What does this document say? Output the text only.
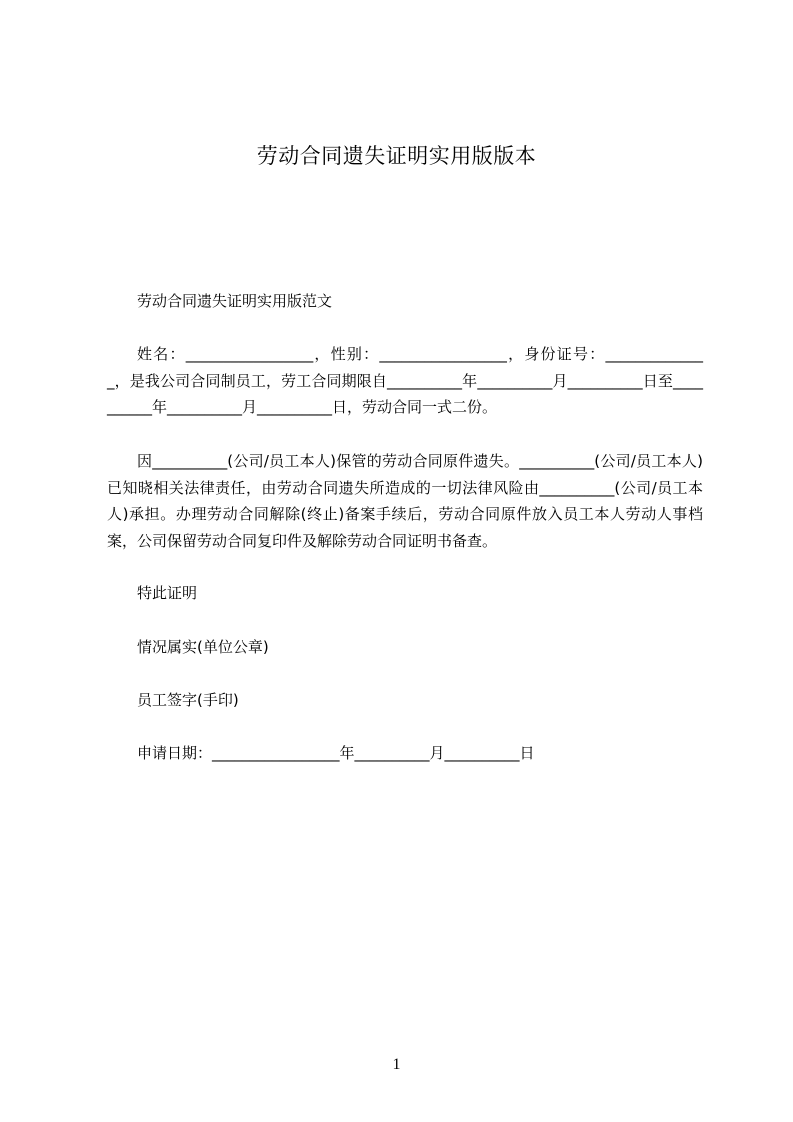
劳动合同遗失证明实用版版本
劳动合同遗失证明实用版范文
姓名：_________________，性别：_________________，身份证号：______________，是我公司合同制员工，劳工合同期限自__________年__________月__________日至__________年__________月__________日，劳动合同一式二份。
因__________(公司/员工本人)保管的劳动合同原件遗失。__________(公司/员工本人)已知晓相关法律责任，由劳动合同遗失所造成的一切法律风险由__________(公司/员工本人)承担。办理劳动合同解除(终止)备案手续后，劳动合同原件放入员工本人劳动人事档案，公司保留劳动合同复印件及解除劳动合同证明书备查。
特此证明
情况属实(单位公章)
员工签字(手印)
申请日期：_________________年__________月__________日
1
